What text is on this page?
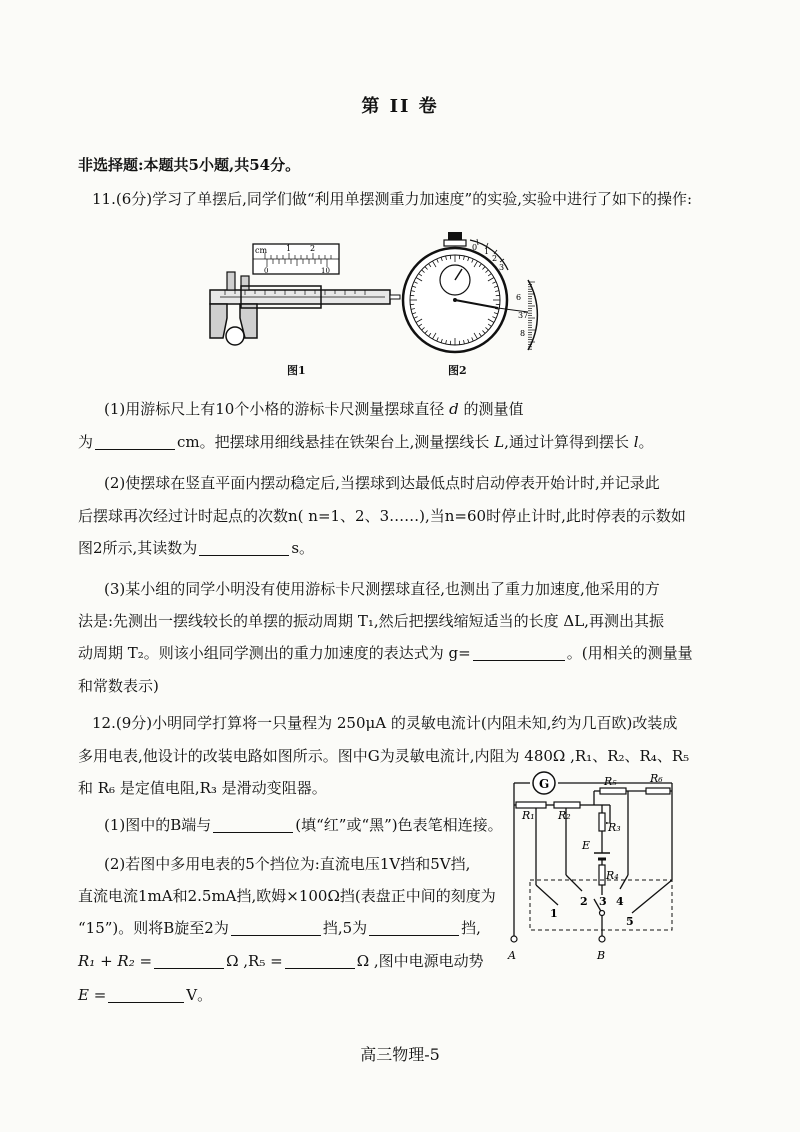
第 II 卷
非选择题:本题共5小题,共54分。
11.(6分)学习了单摆后,同学们做“利用单摆测重力加速度”的实验,实验中进行了如下的操作:
cm 1 2
0	10
图1
0 1
2
3
6
37
8
图2
(1)用游标尺上有10个小格的游标卡尺测量摆球直径 d 的测量值
为	cm。把摆球用细线悬挂在铁架台上,测量摆线长 L,通过计算得到摆长 l。
(2)使摆球在竖直平面内摆动稳定后,当摆球到达最低点时启动停表开始计时,并记录此
后摆球再次经过计时起点的次数n( n=1、2、3……),当n=60时停止计时,此时停表的示数如
图2所示,其读数为	s。
(3)某小组的同学小明没有使用游标卡尺测摆球直径,也测出了重力加速度,他采用的方
法是:先测出一摆线较长的单摆的振动周期 T₁,然后把摆线缩短适当的长度 ΔL,再测出其振
动周期 T₂。则该小组同学测出的重力加速度的表达式为 g=	。(用相关的测量量
和常数表示)
12.(9分)小明同学打算将一只量程为 250μA 的灵敏电流计(内阻未知,约为几百欧)改装成
多用电表,他设计的改装电路如图所示。图中G为灵敏电流计,内阻为 480Ω ,R₁、R₂、R₄、R₅
和 R₆ 是定值电阻,R₃ 是滑动变阻器。
(1)图中的B端与	(填“红”或“黑”)色表笔相连接。
(2)若图中多用电表的5个挡位为:直流电压1V挡和5V挡,
直流电流1mA和2.5mA挡,欧姆×100Ω挡(表盘正中间的刻度为
“15”)。则将B旋至2为	挡,5为	挡,
R₁ + R₂ =	Ω ,R₅ =	Ω ,图中电源电动势
E =	V。
G
R₁ R₂
R₃
R₄
R₅	R₆
E
A	B
1
2 3 4
5
高三物理-5
